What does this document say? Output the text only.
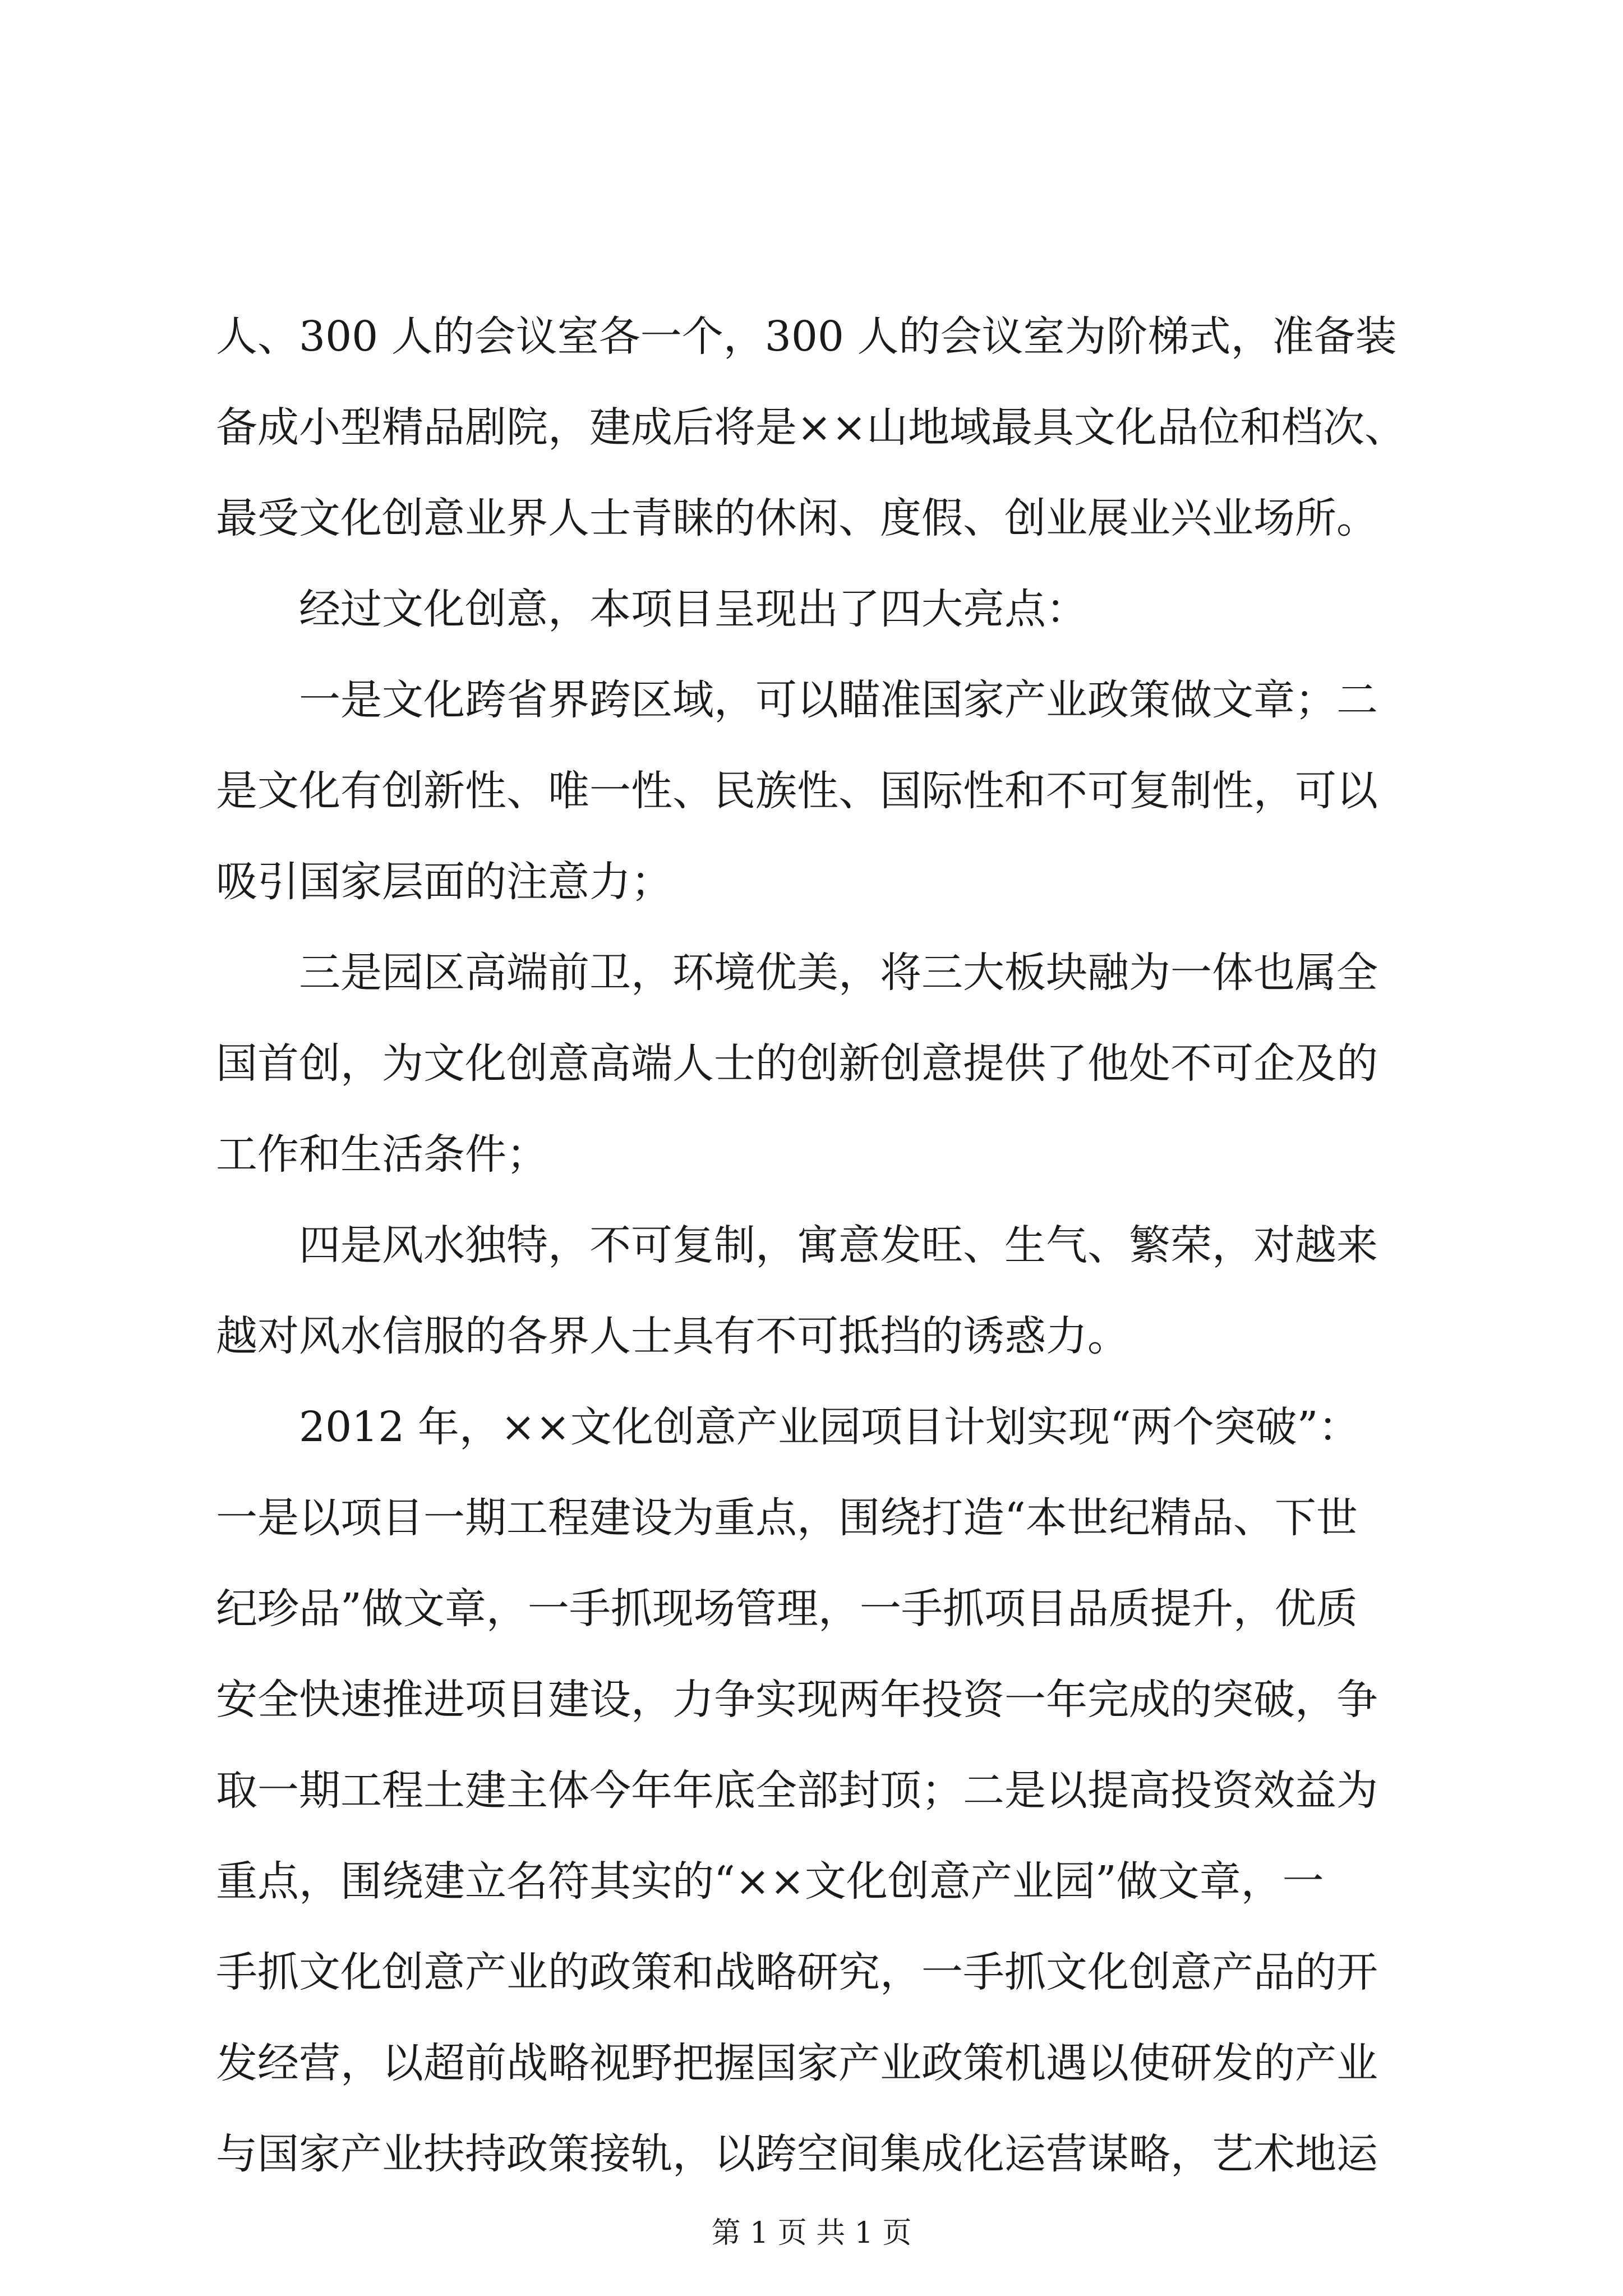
人、300 人的会议室各一个，300 人的会议室为阶梯式，准备装
备成小型精品剧院，建成后将是××山地域最具文化品位和档次、
最受文化创意业界人士青睐的休闲、度假、创业展业兴业场所。
　　经过文化创意，本项目呈现出了四大亮点：
　　一是文化跨省界跨区域，可以瞄准国家产业政策做文章；二
是文化有创新性、唯一性、民族性、国际性和不可复制性，可以
吸引国家层面的注意力；
　　三是园区高端前卫，环境优美，将三大板块融为一体也属全
国首创，为文化创意高端人士的创新创意提供了他处不可企及的
工作和生活条件；
　　四是风水独特，不可复制，寓意发旺、生气、繁荣，对越来
越对风水信服的各界人士具有不可抵挡的诱惑力。
　　2012 年，××文化创意产业园项目计划实现“两个突破”：
一是以项目一期工程建设为重点，围绕打造“本世纪精品、下世
纪珍品”做文章，一手抓现场管理，一手抓项目品质提升，优质
安全快速推进项目建设，力争实现两年投资一年完成的突破，争
取一期工程土建主体今年年底全部封顶；二是以提高投资效益为
重点，围绕建立名符其实的“××文化创意产业园”做文章，一
手抓文化创意产业的政策和战略研究，一手抓文化创意产品的开
发经营，以超前战略视野把握国家产业政策机遇以使研发的产业
与国家产业扶持政策接轨，以跨空间集成化运营谋略，艺术地运
第 1 页 共 1 页
